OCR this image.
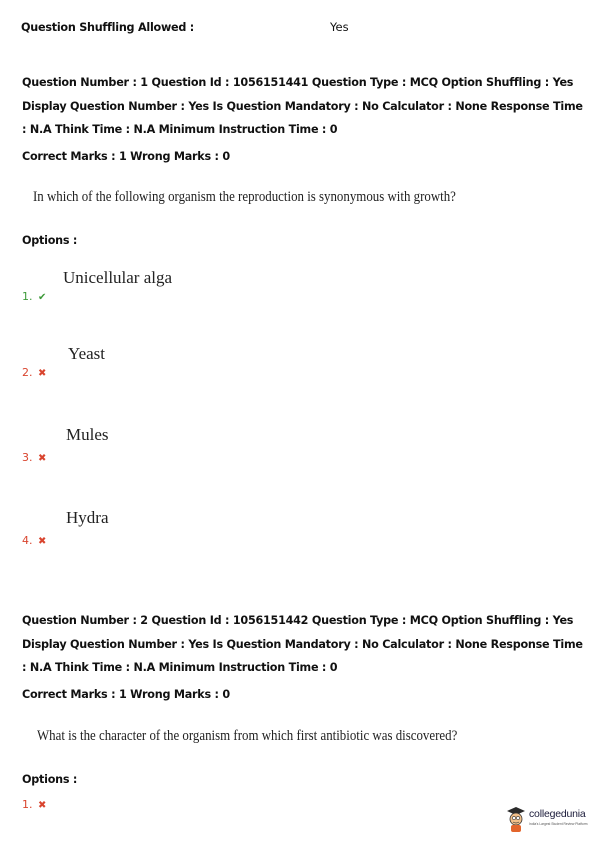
Question Shuffling Allowed :	Yes
Question Number : 1 Question Id : 1056151441 Question Type : MCQ Option Shuffling : Yes
Display Question Number : Yes Is Question Mandatory : No Calculator : None Response Time
: N.A Think Time : N.A Minimum Instruction Time : 0
Correct Marks : 1 Wrong Marks : 0
In which of the following organism the reproduction is synonymous with growth?
Options :
Unicellular alga
1. ✔
Yeast
2. ✖
Mules
3. ✖
Hydra
4. ✖
Question Number : 2 Question Id : 1056151442 Question Type : MCQ Option Shuffling : Yes
Display Question Number : Yes Is Question Mandatory : No Calculator : None Response Time
: N.A Think Time : N.A Minimum Instruction Time : 0
Correct Marks : 1 Wrong Marks : 0
What is the character of the organism from which first antibiotic was discovered?
Options :
1. ✖
collegedunia
India's Largest Student Review Platform
